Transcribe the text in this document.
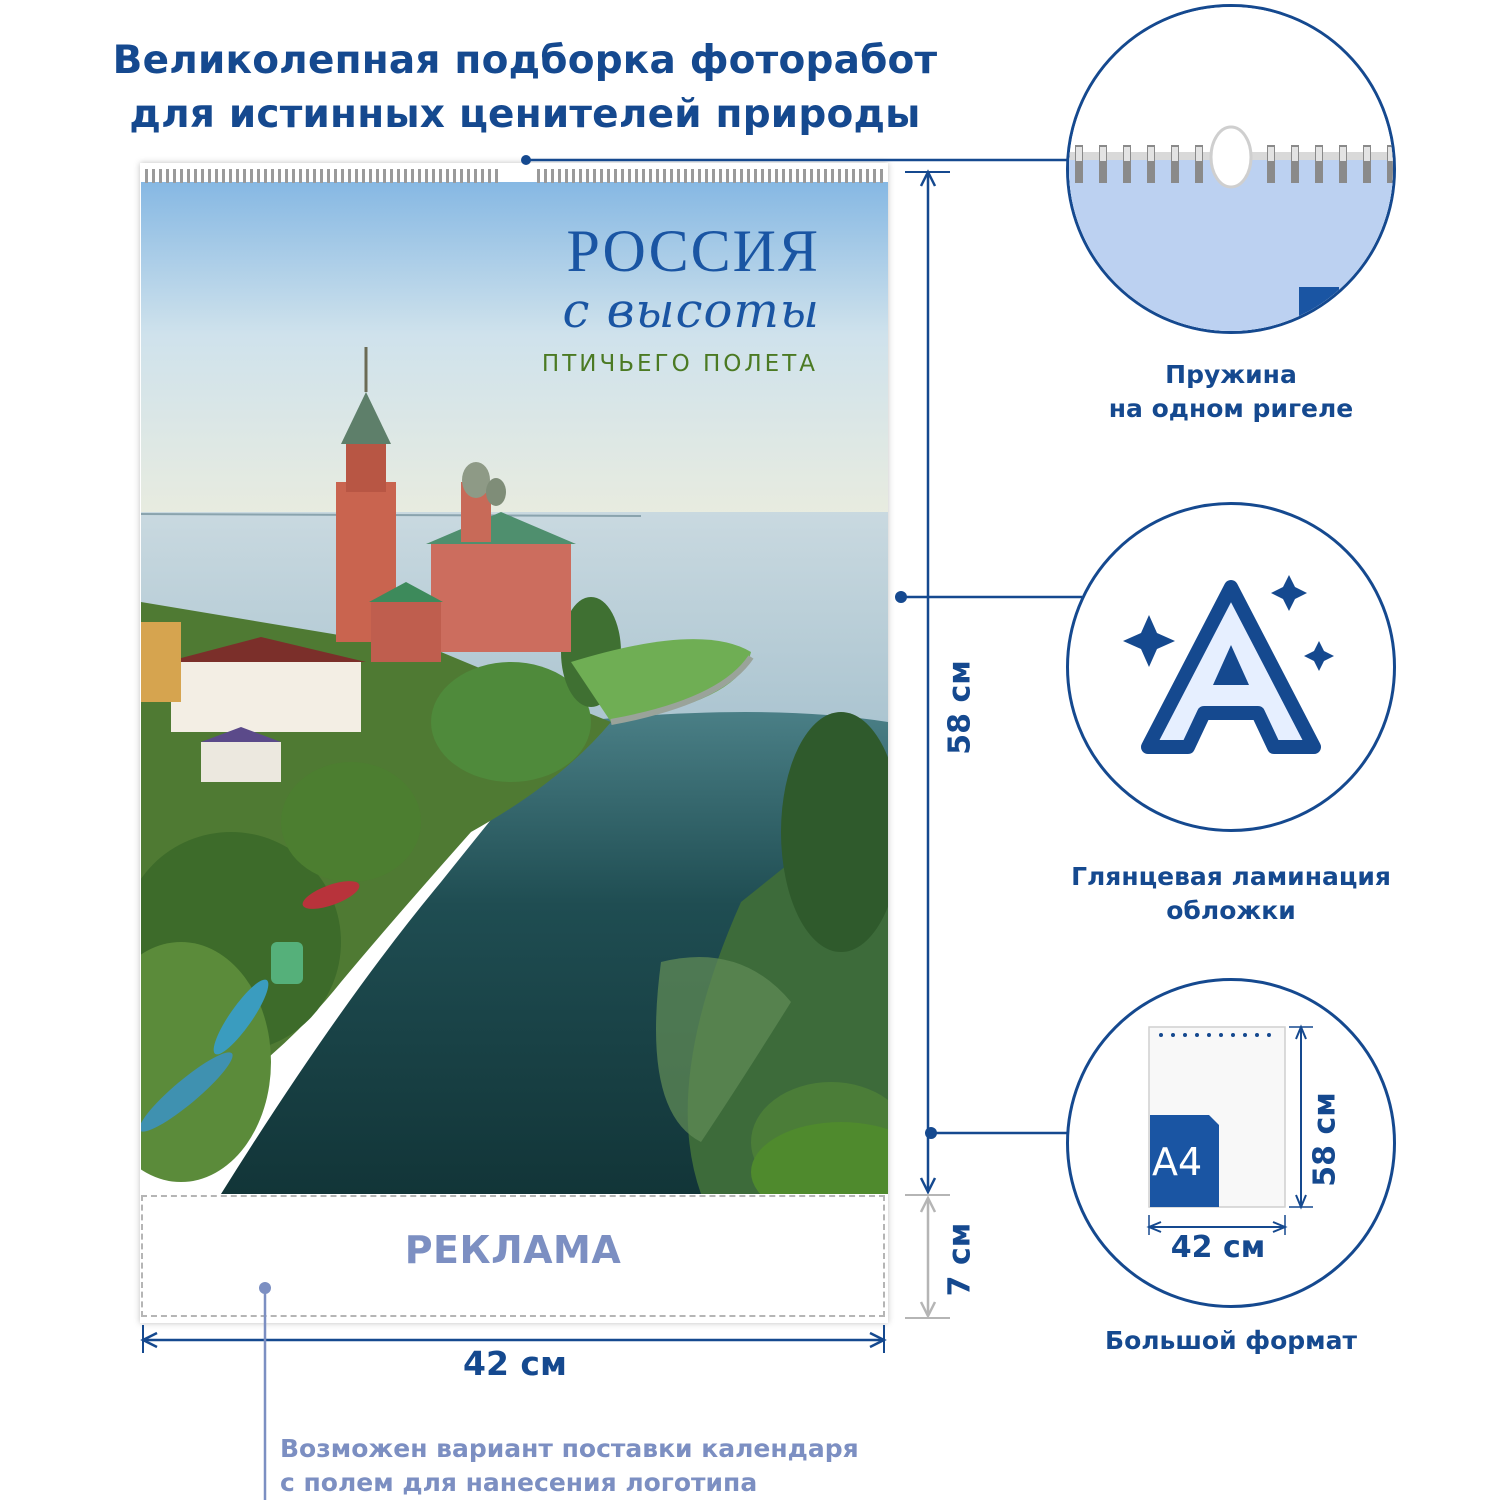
Великолепная подборка фоторабот
для истинных ценителей природы
РОССИЯ
с высоты
ПТИЧЬЕГО ПОЛЕТА
РЕКЛАМА
42 см
58 см
7 см
Возможен вариант поставки календаря
с полем для нанесения логотипа
Пружина
на одном ригеле
Глянцевая ламинация
обложки
A4	58 см
42 см
Большой формат
